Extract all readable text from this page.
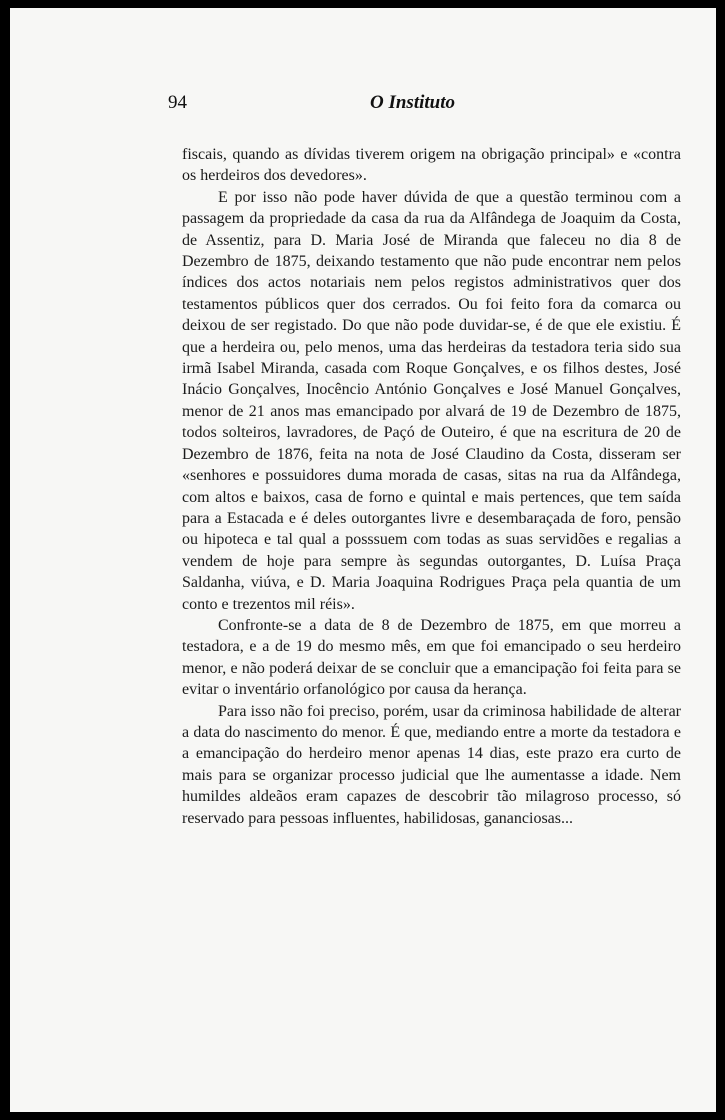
94	O Instituto

fiscais, quando as dívidas tiverem origem na obrigação principal» e «contra os herdeiros dos devedores».

E por isso não pode haver dúvida de que a questão terminou com a passagem da propriedade da casa da rua da Alfândega de Joaquim da Costa, de Assentiz, para D. Maria José de Miranda que faleceu no dia 8 de Dezembro de 1875, deixando testamento que não pude encontrar nem pelos índices dos actos notariais nem pelos registos administrativos quer dos testamentos públicos quer dos cerrados. Ou foi feito fora da comarca ou deixou de ser registado. Do que não pode duvidar-se, é de que ele existiu. É que a herdeira ou, pelo menos, uma das herdeiras da testadora teria sido sua irmã Isabel Miranda, casada com Roque Gonçalves, e os filhos destes, José Inácio Gonçalves, Inocêncio António Gonçalves e José Manuel Gonçalves, menor de 21 anos mas emancipado por alvará de 19 de Dezembro de 1875, todos solteiros, lavradores, de Paçó de Outeiro, é que na escritura de 20 de Dezembro de 1876, feita na nota de José Claudino da Costa, disseram ser «senhores e possuidores duma morada de casas, sitas na rua da Alfândega, com altos e baixos, casa de forno e quintal e mais pertences, que tem saída para a Estacada e é deles outorgantes livre e desembaraçada de foro, pensão ou hipoteca e tal qual a posssuem com todas as suas servidões e regalias a vendem de hoje para sempre às segundas outorgantes, D. Luísa Praça Saldanha, viúva, e D. Maria Joaquina Rodrigues Praça pela quantia de um conto e trezentos mil réis».

Confronte-se a data de 8 de Dezembro de 1875, em que morreu a testadora, e a de 19 do mesmo mês, em que foi emancipado o seu herdeiro menor, e não poderá deixar de se concluir que a emancipação foi feita para se evitar o inventário orfanológico por causa da herança.

Para isso não foi preciso, porém, usar da criminosa habilidade de alterar a data do nascimento do menor. É que, mediando entre a morte da testadora e a emancipação do herdeiro menor apenas 14 dias, este prazo era curto de mais para se organizar processo judicial que lhe aumentasse a idade. Nem humildes aldeãos eram capazes de descobrir tão milagroso processo, só reservado para pessoas influentes, habilidosas, gananciosas...
